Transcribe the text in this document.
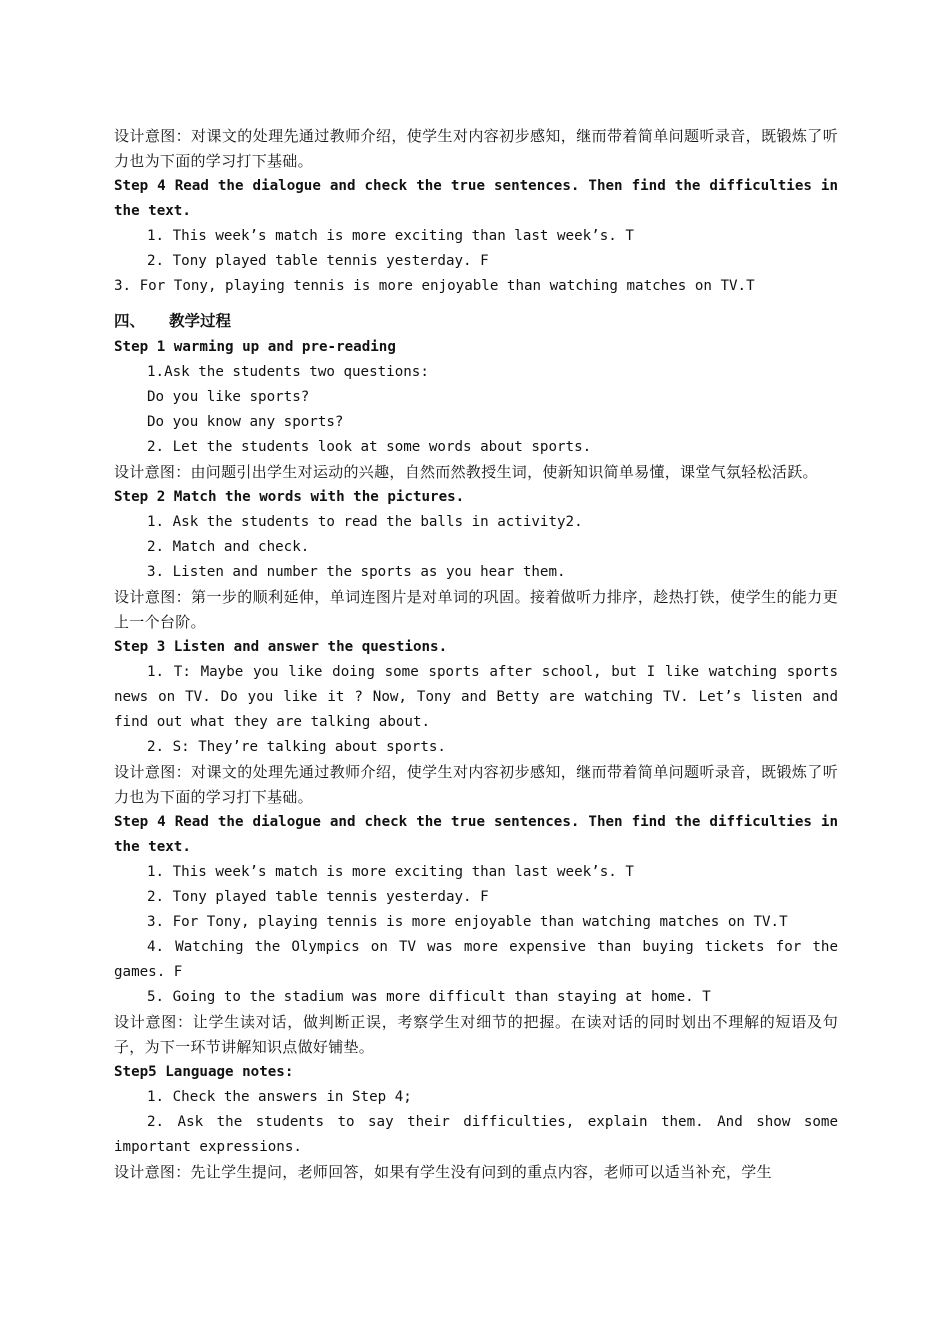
设计意图：对课文的处理先通过教师介绍，使学生对内容初步感知，继而带着简单问题听录音，既锻炼了听力也为下面的学习打下基础。

Step 4 Read the dialogue and check the true sentences. Then find the difficulties in the text.

1. This week’s match is more exciting than last week’s. T

2. Tony played table tennis yesterday. F

3. For Tony, playing tennis is more enjoyable than watching matches on TV.T

四、 教学过程

Step 1 warming up and pre-reading

1.Ask the students two questions:

Do you like sports?

Do you know any sports?

2. Let the students look at some words about sports.

设计意图：由问题引出学生对运动的兴趣，自然而然教授生词，使新知识简单易懂，课堂气氛轻松活跃。

Step 2 Match the words with the pictures.

1. Ask the students to read the balls in activity2.

2. Match and check.

3. Listen and number the sports as you hear them.

设计意图：第一步的顺利延伸，单词连图片是对单词的巩固。接着做听力排序，趁热打铁，使学生的能力更上一个台阶。

Step 3 Listen and answer the questions.

1. T: Maybe you like doing some sports after school, but I like watching sports news on TV. Do you like it ? Now, Tony and Betty are watching TV. Let’s listen and find out what they are talking about.

2. S: They’re talking about sports.

设计意图：对课文的处理先通过教师介绍，使学生对内容初步感知，继而带着简单问题听录音，既锻炼了听力也为下面的学习打下基础。

Step 4 Read the dialogue and check the true sentences. Then find the difficulties in the text.

1. This week’s match is more exciting than last week’s. T

2. Tony played table tennis yesterday. F

3. For Tony, playing tennis is more enjoyable than watching matches on TV.T

4. Watching the Olympics on TV was more expensive than buying tickets for the games. F

5. Going to the stadium was more difficult than staying at home. T

设计意图：让学生读对话，做判断正误，考察学生对细节的把握。在读对话的同时划出不理解的短语及句子，为下一环节讲解知识点做好铺垫。

Step5 Language notes:

1. Check the answers in Step 4;

2. Ask the students to say their difficulties, explain them. And show some important expressions.

设计意图：先让学生提问，老师回答，如果有学生没有问到的重点内容，老师可以适当补充，学生
